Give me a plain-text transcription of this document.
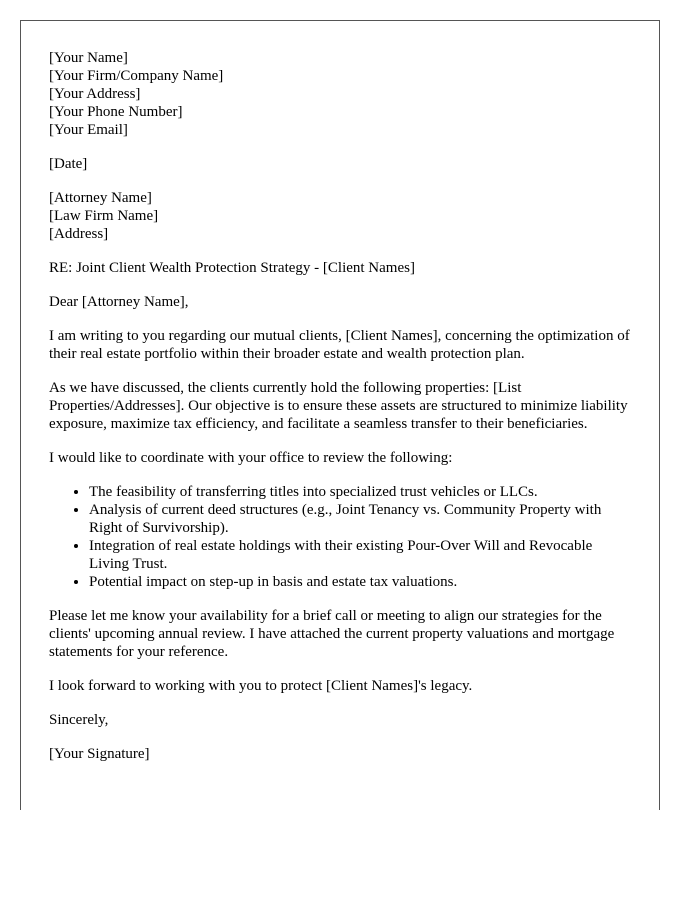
[Your Name]
[Your Firm/Company Name]
[Your Address]
[Your Phone Number]
[Your Email]

[Date]

[Attorney Name]
[Law Firm Name]
[Address]

RE: Joint Client Wealth Protection Strategy - [Client Names]

Dear [Attorney Name],

I am writing to you regarding our mutual clients, [Client Names], concerning the optimization of their real estate portfolio within their broader estate and wealth protection plan.

As we have discussed, the clients currently hold the following properties: [List Properties/Addresses]. Our objective is to ensure these assets are structured to minimize liability exposure, maximize tax efficiency, and facilitate a seamless transfer to their beneficiaries.

I would like to coordinate with your office to review the following:

• The feasibility of transferring titles into specialized trust vehicles or LLCs.
• Analysis of current deed structures (e.g., Joint Tenancy vs. Community Property with Right of Survivorship).
• Integration of real estate holdings with their existing Pour-Over Will and Revocable Living Trust.
• Potential impact on step-up in basis and estate tax valuations.

Please let me know your availability for a brief call or meeting to align our strategies for the clients' upcoming annual review. I have attached the current property valuations and mortgage statements for your reference.

I look forward to working with you to protect [Client Names]'s legacy.

Sincerely,

[Your Signature]
